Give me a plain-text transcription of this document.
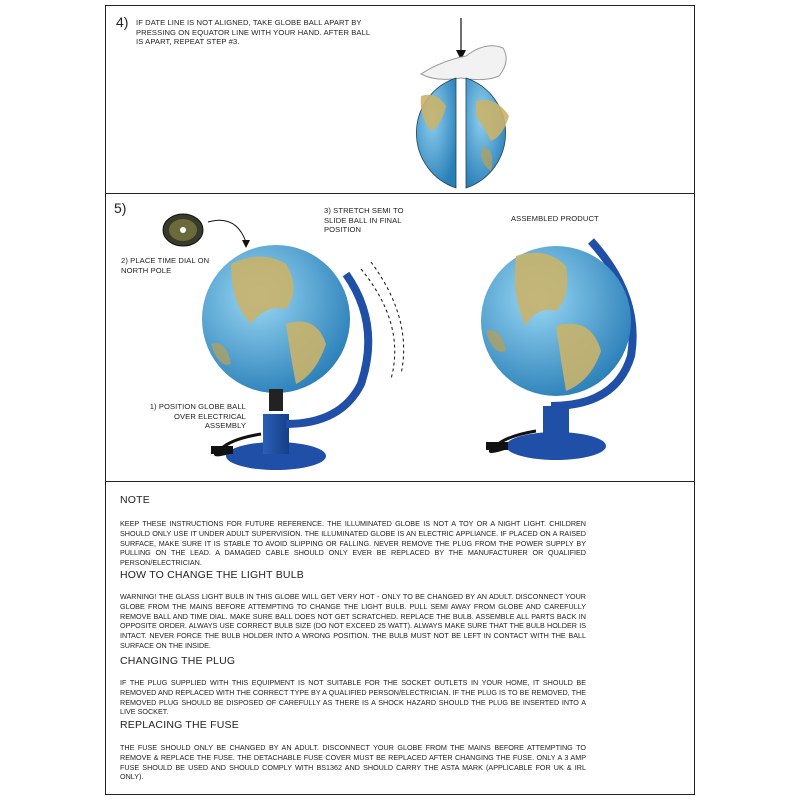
4) IF DATE LINE IS NOT ALIGNED, TAKE GLOBE BALL APART BY PRESSING ON EQUATOR LINE WITH YOUR HAND. AFTER BALL IS APART, REPEAT STEP #3.
5)
2) PLACE TIME DIAL ON NORTH POLE
3) STRETCH SEMI TO SLIDE BALL IN FINAL POSITION
1) POSITION GLOBE BALL OVER ELECTRICAL ASSEMBLY
ASSEMBLED PRODUCT
NOTE
KEEP THESE INSTRUCTIONS FOR FUTURE REFERENCE. THE ILLUMINATED GLOBE IS NOT A TOY OR A NIGHT LIGHT. CHILDREN SHOULD ONLY USE IT UNDER ADULT SUPERVISION. THE ILLUMINATED GLOBE IS AN ELECTRIC APPLIANCE. IF PLACED ON A RAISED SURFACE, MAKE SURE IT IS STABLE TO AVOID SLIPPING OR FALLING. NEVER REMOVE THE PLUG FROM THE POWER SUPPLY BY PULLING ON THE LEAD. A DAMAGED CABLE SHOULD ONLY EVER BE REPLACED BY THE MANUFACTURER OR QUALIFIED PERSON/ELECTRICIAN.
HOW TO CHANGE THE LIGHT BULB
WARNING! THE GLASS LIGHT BULB IN THIS GLOBE WILL GET VERY HOT - ONLY TO BE CHANGED BY AN ADULT. DISCONNECT YOUR GLOBE FROM THE MAINS BEFORE ATTEMPTING TO CHANGE THE LIGHT BULB. PULL SEMI AWAY FROM GLOBE AND CAREFULLY REMOVE BALL AND TIME DIAL. MAKE SURE BALL DOES NOT GET SCRATCHED. REPLACE THE BULB. ASSEMBLE ALL PARTS BACK IN OPPOSITE ORDER. ALWAYS USE CORRECT BULB SIZE (DO NOT EXCEED 25 WATT). ALWAYS MAKE SURE THAT THE BULB HOLDER IS INTACT. NEVER FORCE THE BULB HOLDER INTO A WRONG POSITION. THE BULB MUST NOT BE LEFT IN CONTACT WITH THE BALL SURFACE ON THE INSIDE.
CHANGING THE PLUG
IF THE PLUG SUPPLIED WITH THIS EQUIPMENT IS NOT SUITABLE FOR THE SOCKET OUTLETS IN YOUR HOME, IT SHOULD BE REMOVED AND REPLACED WITH THE CORRECT TYPE BY A QUALIFIED PERSON/ELECTRICIAN. IF THE PLUG IS TO BE REMOVED, THE REMOVED PLUG SHOULD BE DISPOSED OF CAREFULLY AS THERE IS A SHOCK HAZARD SHOULD THE PLUG BE INSERTED INTO A LIVE SOCKET.
REPLACING THE FUSE
THE FUSE SHOULD ONLY BE CHANGED BY AN ADULT. DISCONNECT YOUR GLOBE FROM THE MAINS BEFORE ATTEMPTING TO REMOVE & REPLACE THE FUSE. THE DETACHABLE FUSE COVER MUST BE REPLACED AFTER CHANGING THE FUSE. ONLY A 3 AMP FUSE SHOULD BE USED AND SHOULD COMPLY WITH BS1362 AND SHOULD CARRY THE ASTA MARK (APPLICABLE FOR UK & IRL ONLY).
